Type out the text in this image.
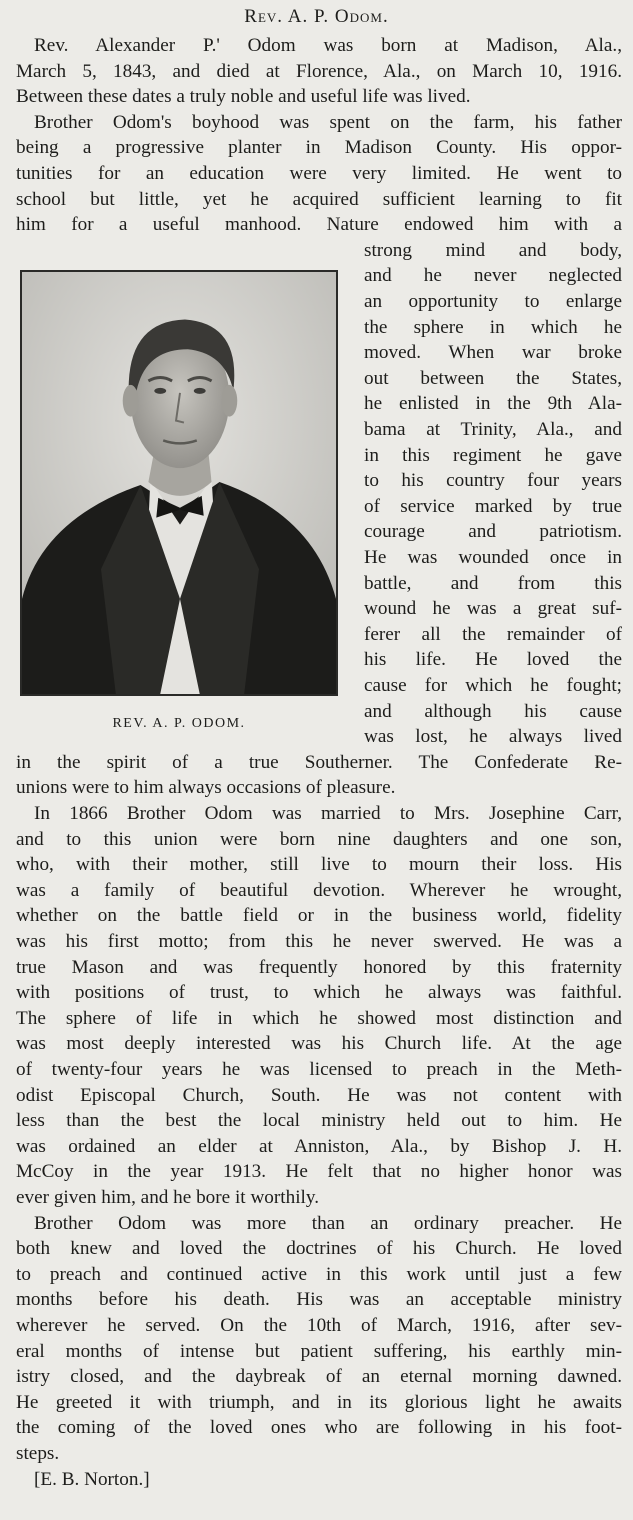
Rev. A. P. Odom.
REV. A. P. ODOM.
Rev. Alexander P.' Odom was born at Madison, Ala.,
March 5, 1843, and died at Florence, Ala., on March 10, 1916.
Between these dates a truly noble and useful life was lived.
Brother Odom's boyhood was spent on the farm, his father
being a progressive planter in Madison County. His oppor-
tunities for an education were very limited. He went to
school but little, yet he acquired sufficient learning to fit
him for a useful manhood. Nature endowed him with a
strong mind and body,
and he never neglected
an opportunity to enlarge
the sphere in which he
moved. When war broke
out between the States,
he enlisted in the 9th Ala-
bama at Trinity, Ala., and
in this regiment he gave
to his country four years
of service marked by true
courage and patriotism.
He was wounded once in
battle, and from this
wound he was a great suf-
ferer all the remainder of
his life. He loved the
cause for which he fought;
and although his cause
was lost, he always lived
in the spirit of a true Southerner. The Confederate Re-
unions were to him always occasions of pleasure.
In 1866 Brother Odom was married to Mrs. Josephine Carr,
and to this union were born nine daughters and one son,
who, with their mother, still live to mourn their loss. His
was a family of beautiful devotion. Wherever he wrought,
whether on the battle field or in the business world, fidelity
was his first motto; from this he never swerved. He was a
true Mason and was frequently honored by this fraternity
with positions of trust, to which he always was faithful.
The sphere of life in which he showed most distinction and
was most deeply interested was his Church life. At the age
of twenty-four years he was licensed to preach in the Meth-
odist Episcopal Church, South. He was not content with
less than the best the local ministry held out to him. He
was ordained an elder at Anniston, Ala., by Bishop J. H.
McCoy in the year 1913. He felt that no higher honor was
ever given him, and he bore it worthily.
Brother Odom was more than an ordinary preacher. He
both knew and loved the doctrines of his Church. He loved
to preach and continued active in this work until just a few
months before his death. His was an acceptable ministry
wherever he served. On the 10th of March, 1916, after sev-
eral months of intense but patient suffering, his earthly min-
istry closed, and the daybreak of an eternal morning dawned.
He greeted it with triumph, and in its glorious light he awaits
the coming of the loved ones who are following in his foot-
steps.
[E. B. Norton.]
